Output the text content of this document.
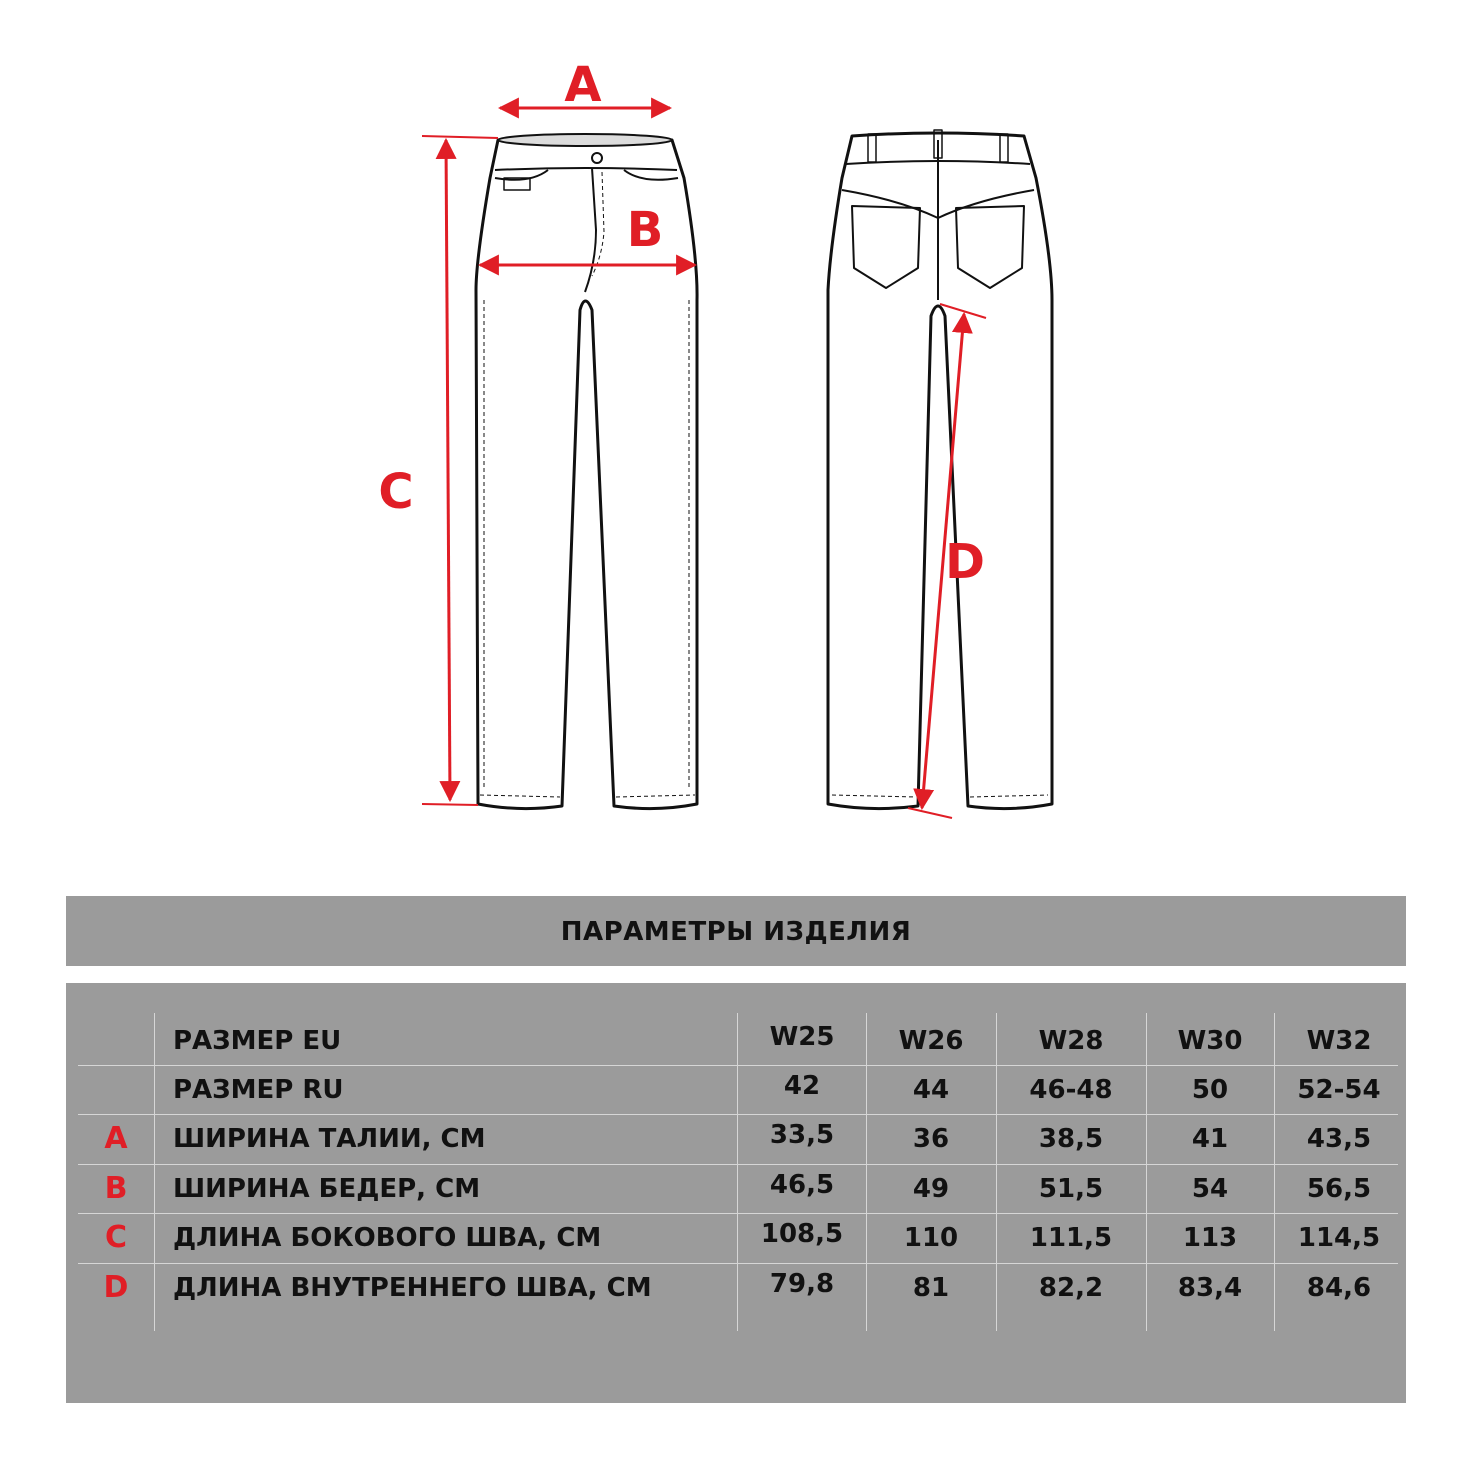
A
B
C
D
ПАРАМЕТРЫ ИЗДЕЛИЯ
РАЗМЕР EU	W25	W26	W28	W30	W32
РАЗМЕР RU	42	44	46-48	50	52-54
A	ШИРИНА ТАЛИИ, СМ	33,5	36	38,5	41	43,5
B	ШИРИНА БЕДЕР, СМ	46,5	49	51,5	54	56,5
C	ДЛИНА БОКОВОГО ШВА, СМ	108,5	110	111,5	113	114,5
D	ДЛИНА ВНУТРЕННЕГО ШВА, СМ	79,8	81	82,2	83,4	84,6
